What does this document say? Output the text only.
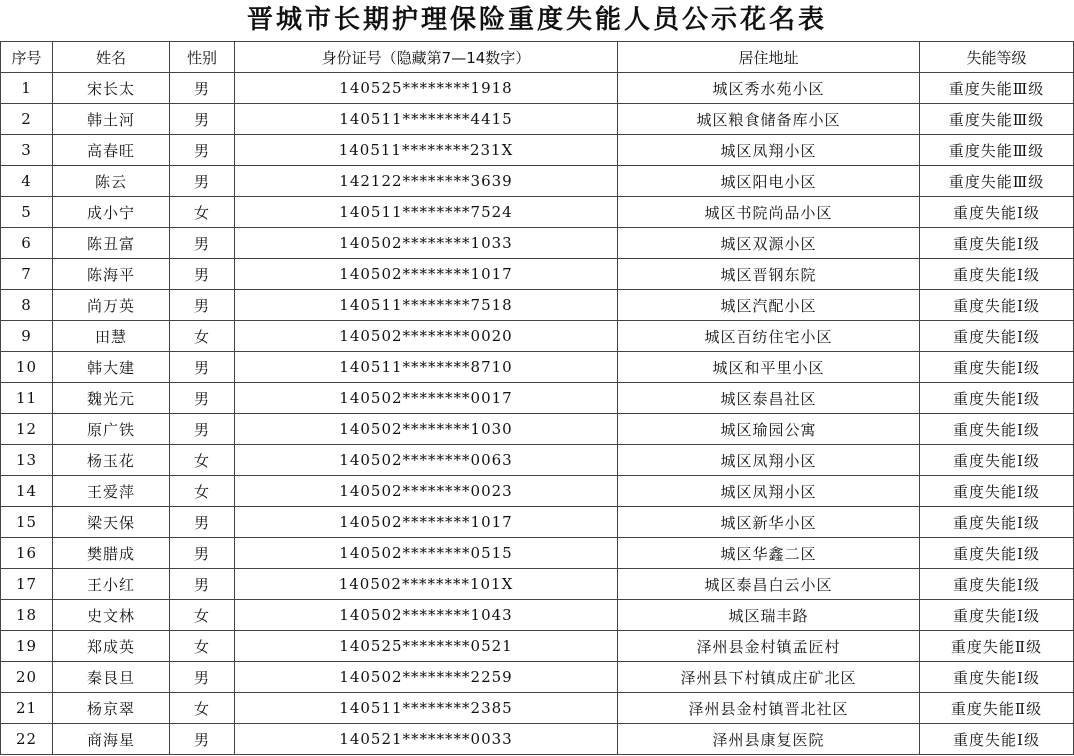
晋城市长期护理保险重度失能人员公示花名表
序号	姓名	性别	身份证号（隐藏第7—14数字）	居住地址	失能等级
1	宋长太	男	140525********1918	城区秀水苑小区	重度失能Ⅲ级
2	韩土河	男	140511********4415	城区粮食储备库小区	重度失能Ⅲ级
3	高春旺	男	140511********231X	城区凤翔小区	重度失能Ⅲ级
4	陈云	男	142122********3639	城区阳电小区	重度失能Ⅲ级
5	成小宁	女	140511********7524	城区书院尚品小区	重度失能Ⅰ级
6	陈丑富	男	140502********1033	城区双源小区	重度失能Ⅰ级
7	陈海平	男	140502********1017	城区晋钢东院	重度失能Ⅰ级
8	尚万英	男	140511********7518	城区汽配小区	重度失能Ⅰ级
9	田慧	女	140502********0020	城区百纺住宅小区	重度失能Ⅰ级
10	韩大建	男	140511********8710	城区和平里小区	重度失能Ⅰ级
11	魏光元	男	140502********0017	城区泰昌社区	重度失能Ⅰ级
12	原广铁	男	140502********1030	城区瑜园公寓	重度失能Ⅰ级
13	杨玉花	女	140502********0063	城区凤翔小区	重度失能Ⅰ级
14	王爱萍	女	140502********0023	城区凤翔小区	重度失能Ⅰ级
15	梁天保	男	140502********1017	城区新华小区	重度失能Ⅰ级
16	樊腊成	男	140502********0515	城区华鑫二区	重度失能Ⅰ级
17	王小红	男	140502********101X	城区泰昌白云小区	重度失能Ⅰ级
18	史文林	女	140502********1043	城区瑞丰路	重度失能Ⅰ级
19	郑成英	女	140525********0521	泽州县金村镇孟匠村	重度失能Ⅱ级
20	秦艮旦	男	140502********2259	泽州县下村镇成庄矿北区	重度失能Ⅰ级
21	杨京翠	女	140511********2385	泽州县金村镇晋北社区	重度失能Ⅱ级
22	商海星	男	140521********0033	泽州县康复医院	重度失能Ⅰ级
